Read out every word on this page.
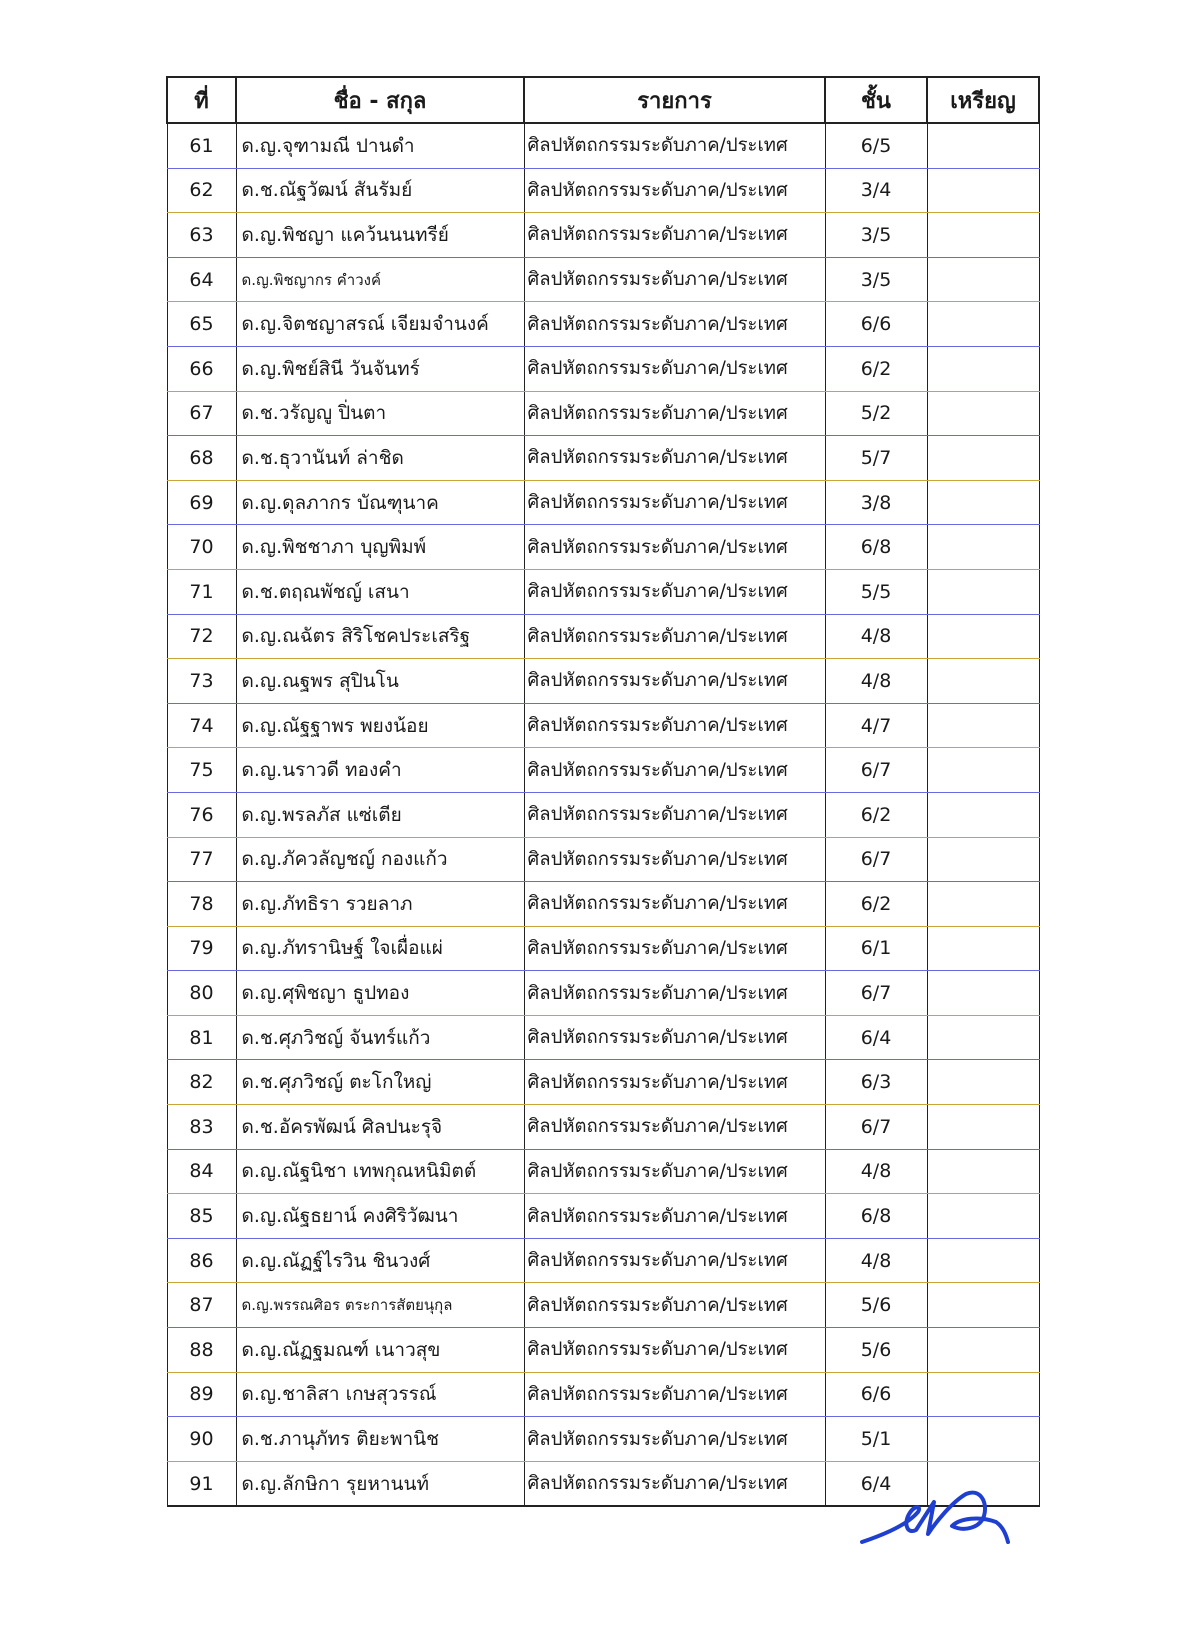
ที่	ชื่อ - สกุล	รายการ	ชั้น	เหรียญ
61	ด.ญ.จุฑามณี ปานดำ	ศิลปหัตถกรรมระดับภาค/ประเทศ	6/5	
62	ด.ช.ณัฐวัฒน์ สันรัมย์	ศิลปหัตถกรรมระดับภาค/ประเทศ	3/4	
63	ด.ญ.พิชญา แคว้นนนทรีย์	ศิลปหัตถกรรมระดับภาค/ประเทศ	3/5	
64	ด.ญ.พิชญากร คำวงค์	ศิลปหัตถกรรมระดับภาค/ประเทศ	3/5	
65	ด.ญ.จิตชญาสรณ์ เจียมจำนงค์	ศิลปหัตถกรรมระดับภาค/ประเทศ	6/6	
66	ด.ญ.พิชย์สินี วันจันทร์	ศิลปหัตถกรรมระดับภาค/ประเทศ	6/2	
67	ด.ช.วรัญญู ปิ่นตา	ศิลปหัตถกรรมระดับภาค/ประเทศ	5/2	
68	ด.ช.ธุวานันท์ ล่าชิด	ศิลปหัตถกรรมระดับภาค/ประเทศ	5/7	
69	ด.ญ.ดุลภากร บัณฑุนาค	ศิลปหัตถกรรมระดับภาค/ประเทศ	3/8	
70	ด.ญ.พิชชาภา บุญพิมพ์	ศิลปหัตถกรรมระดับภาค/ประเทศ	6/8	
71	ด.ช.ตฤณพัชญ์ เสนา	ศิลปหัตถกรรมระดับภาค/ประเทศ	5/5	
72	ด.ญ.ณฉัตร สิริโชคประเสริฐ	ศิลปหัตถกรรมระดับภาค/ประเทศ	4/8	
73	ด.ญ.ณฐพร สุปินโน	ศิลปหัตถกรรมระดับภาค/ประเทศ	4/8	
74	ด.ญ.ณัฐฐาพร พยงน้อย	ศิลปหัตถกรรมระดับภาค/ประเทศ	4/7	
75	ด.ญ.นราวดี ทองคำ	ศิลปหัตถกรรมระดับภาค/ประเทศ	6/7	
76	ด.ญ.พรลภัส แซ่เตีย	ศิลปหัตถกรรมระดับภาค/ประเทศ	6/2	
77	ด.ญ.ภัควลัญชญ์ กองแก้ว	ศิลปหัตถกรรมระดับภาค/ประเทศ	6/7	
78	ด.ญ.ภัทธิรา รวยลาภ	ศิลปหัตถกรรมระดับภาค/ประเทศ	6/2	
79	ด.ญ.ภัทรานิษฐ์ ใจเผื่อแผ่	ศิลปหัตถกรรมระดับภาค/ประเทศ	6/1	
80	ด.ญ.ศุพิชญา ธูปทอง	ศิลปหัตถกรรมระดับภาค/ประเทศ	6/7	
81	ด.ช.ศุภวิชญ์ จันทร์แก้ว	ศิลปหัตถกรรมระดับภาค/ประเทศ	6/4	
82	ด.ช.ศุภวิชญ์ ตะโกใหญ่	ศิลปหัตถกรรมระดับภาค/ประเทศ	6/3	
83	ด.ช.อัครพัฒน์ ศิลปนะรุจิ	ศิลปหัตถกรรมระดับภาค/ประเทศ	6/7	
84	ด.ญ.ณัฐนิชา เทพกุณหนิมิตต์	ศิลปหัตถกรรมระดับภาค/ประเทศ	4/8	
85	ด.ญ.ณัฐธยาน์ คงศิริวัฒนา	ศิลปหัตถกรรมระดับภาค/ประเทศ	6/8	
86	ด.ญ.ณัฏฐ์ไรวิน ชินวงศ์	ศิลปหัตถกรรมระดับภาค/ประเทศ	4/8	
87	ด.ญ.พรรณศิอร ตระการสัตยนุกุล	ศิลปหัตถกรรมระดับภาค/ประเทศ	5/6	
88	ด.ญ.ณัฏฐมณฑ์ เนาวสุข	ศิลปหัตถกรรมระดับภาค/ประเทศ	5/6	
89	ด.ญ.ชาลิสา เกษสุวรรณ์	ศิลปหัตถกรรมระดับภาค/ประเทศ	6/6	
90	ด.ช.ภานุภัทร ติยะพานิช	ศิลปหัตถกรรมระดับภาค/ประเทศ	5/1	
91	ด.ญ.ลักษิกา รุยหานนท์	ศิลปหัตถกรรมระดับภาค/ประเทศ	6/4	
